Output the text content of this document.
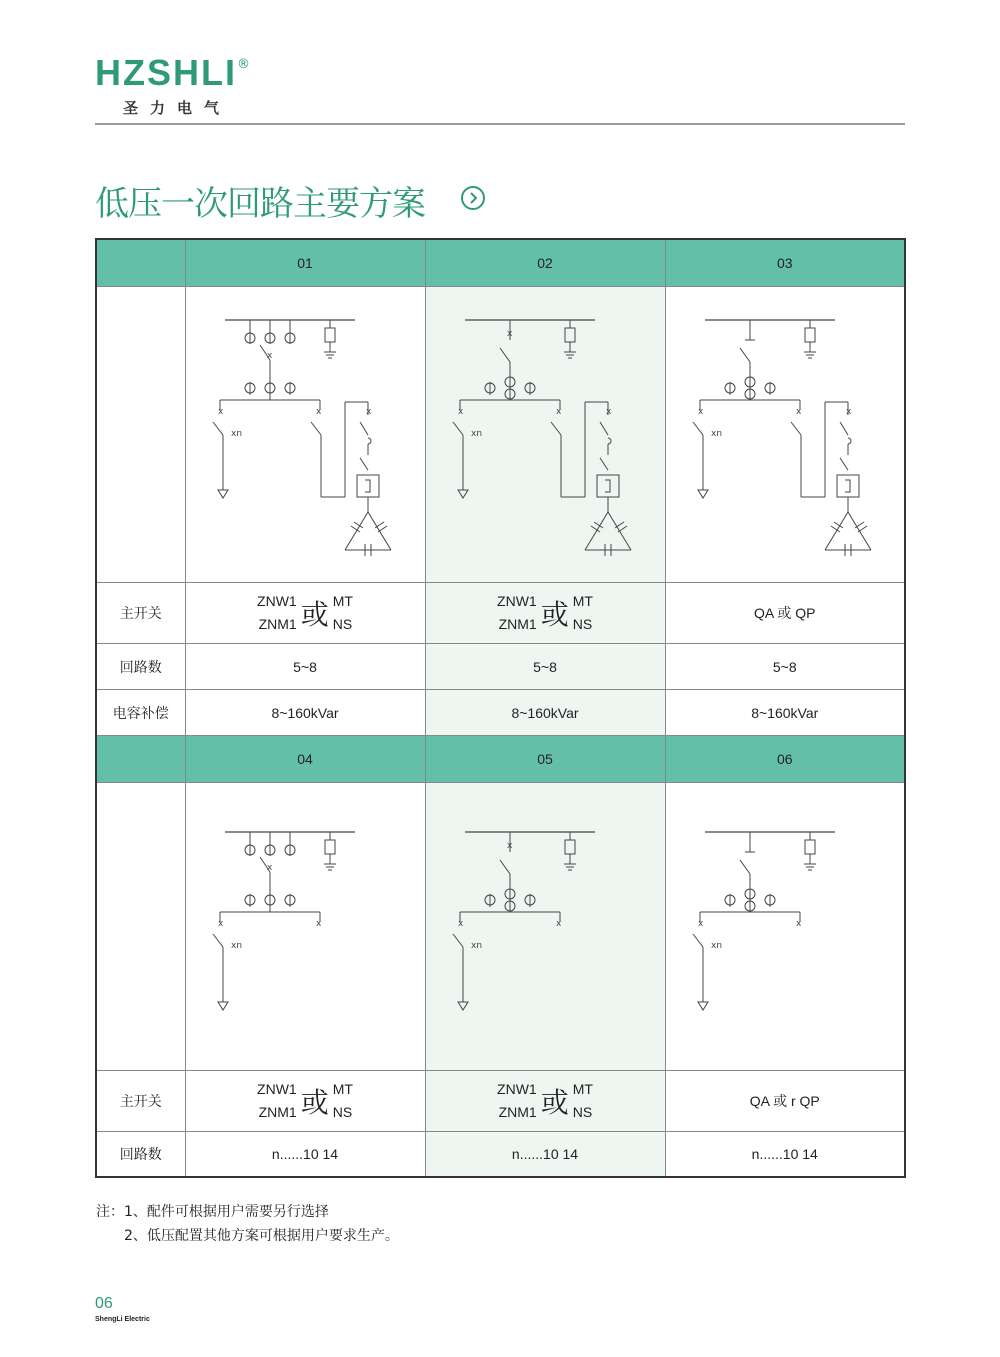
HZSHLI ®
圣力电气
低压一次回路主要方案
	01	02	03

x

主开关	ZNW1
ZNM1 或 MT
NS	ZNW1
ZNM1 或 MT
NS	QA 或 QP
回路数	5~8	5~8	5~8
电容补偿	8~160kVar	8~160kVar	8~160kVar
	04	05	06

x

主开关	ZNW1
ZNM1 或 MT
NS	ZNW1
ZNM1 或 MT
NS	QA 或 r QP
回路数	n......10 14	n......10 14	n......10 14
注：1、配件可根据用户需要另行选择
2、低压配置其他方案可根据用户要求生产。
06
ShengLi Electric
